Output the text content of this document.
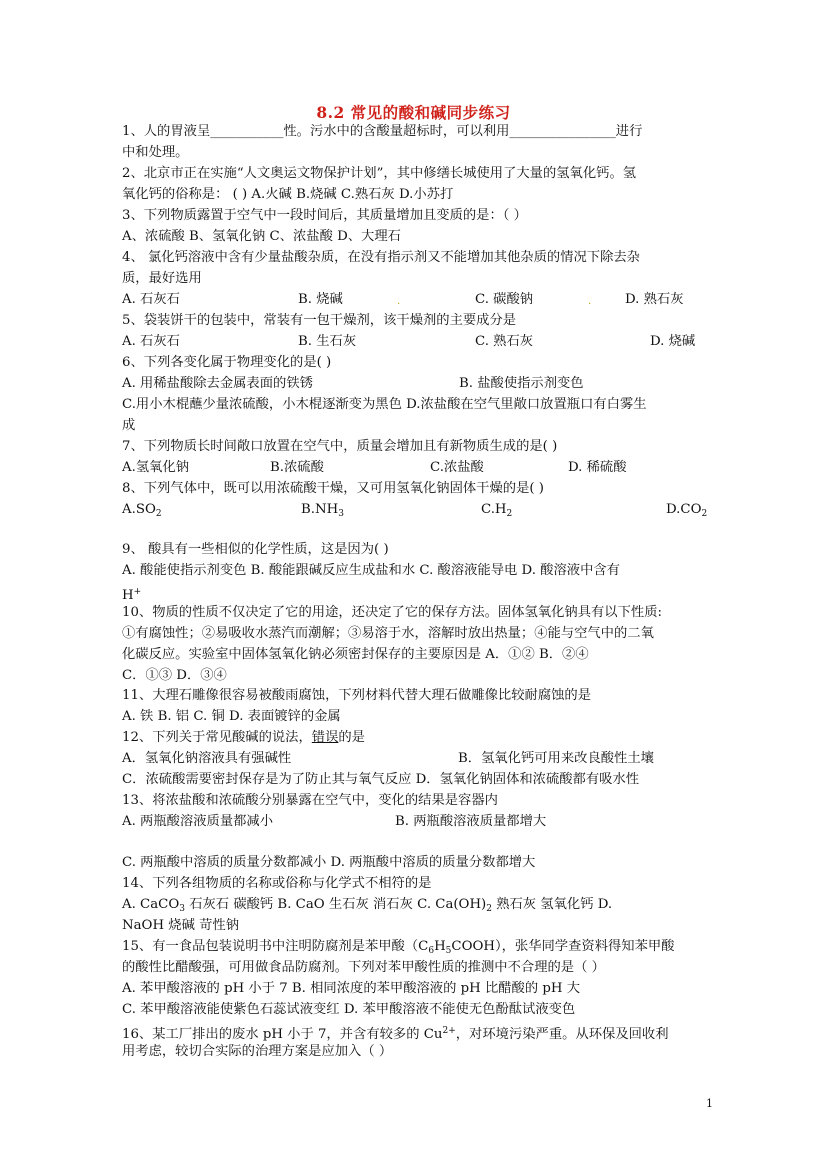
8.2 常见的酸和碱同步练习
1、人的胃液呈___________性。污水中的含酸量超标时，可以利用________________进行
中和处理。
2、北京市正在实施“人文奥运文物保护计划”，其中修缮长城使用了大量的氢氧化钙。氢
氧化钙的俗称是： ( ) A.火碱 B.烧碱 C.熟石灰 D.小苏打
3、下列物质露置于空气中一段时间后，其质量增加且变质的是：（ ）
A、浓硫酸 B、氢氧化钠 C、浓盐酸 D、大理石
4、 氯化钙溶液中含有少量盐酸杂质，在没有指示剂又不能增加其他杂质的情况下除去杂
质，最好选用
A. 石灰石	B. 烧碱	.	C. 碳酸钠	.	D. 熟石灰
5、袋装饼干的包装中，常装有一包干燥剂，该干燥剂的主要成分是
A. 石灰石	B. 生石灰	C. 熟石灰	D. 烧碱
6、下列各变化属于物理变化的是( )
A. 用稀盐酸除去金属表面的铁锈	B. 盐酸使指示剂变色
C.用小木棍蘸少量浓硫酸，小木棍逐渐变为黑色 D.浓盐酸在空气里敞口放置瓶口有白雾生
成
7、下列物质长时间敞口放置在空气中，质量会增加且有新物质生成的是( )
A.氢氧化钠	B.浓硫酸	C.浓盐酸	D. 稀硫酸
8、下列气体中，既可以用浓硫酸干燥，又可用氢氧化钠固体干燥的是( )
$A.SO_2$	$B.NH_3$	$C.H_2$	$D.CO_2$
9、 酸具有一些相似的化学性质，这是因为( )
A. 酸能使指示剂变色 B. 酸能跟碱反应生成盐和水 C. 酸溶液能导电 D. 酸溶液中含有
H+
10、物质的性质不仅决定了它的用途，还决定了它的保存方法。固体氢氧化钠具有以下性质:
①有腐蚀性；②易吸收水蒸汽而潮解；③易溶于水，溶解时放出热量；④能与空气中的二氧
化碳反应。实验室中固体氢氧化钠必须密封保存的主要原因是 A．①② B．②④
C．①③ D．③④
11、大理石雕像很容易被酸雨腐蚀，下列材料代替大理石做雕像比较耐腐蚀的是
A. 铁 B. 铝 C. 铜 D. 表面镀锌的金属
12、下列关于常见酸碱的说法，错误的是
A．氢氧化钠溶液具有强碱性	B．氢氧化钙可用来改良酸性土壤
C．浓硫酸需要密封保存是为了防止其与氧气反应 D．氢氧化钠固体和浓硫酸都有吸水性
13、将浓盐酸和浓硫酸分别暴露在空气中，变化的结果是容器内
A. 两瓶酸溶液质量都减小	B. 两瓶酸溶液质量都增大
C. 两瓶酸中溶质的质量分数都减小 D. 两瓶酸中溶质的质量分数都增大
14、下列各组物质的名称或俗称与化学式不相符的是
A. CaCO$_3$ 石灰石 碳酸钙 B. CaO 生石灰 消石灰 C. $Ca(OH)_2$ 熟石灰 氢氧化钙 D.
NaOH 烧碱 苛性钠
15、有一食品包装说明书中注明防腐剂是苯甲酸$(C_6H_5COOH)$，张华同学查资料得知苯甲酸
的酸性比醋酸强，可用做食品防腐剂。下列对苯甲酸性质的推测中不合理的是（ ）
A. 苯甲酸溶液的 pH 小于 7 B. 相同浓度的苯甲酸溶液的 pH 比醋酸的 pH 大
C. 苯甲酸溶液能使紫色石蕊试液变红 D. 苯甲酸溶液不能使无色酚酞试液变色
16、某工厂排出的废水 pH 小于 7，并含有较多的 $Cu^{2+}$，对环境污染严重。从环保及回收利
用考虑，较切合实际的治理方案是应加入（ ）
1
